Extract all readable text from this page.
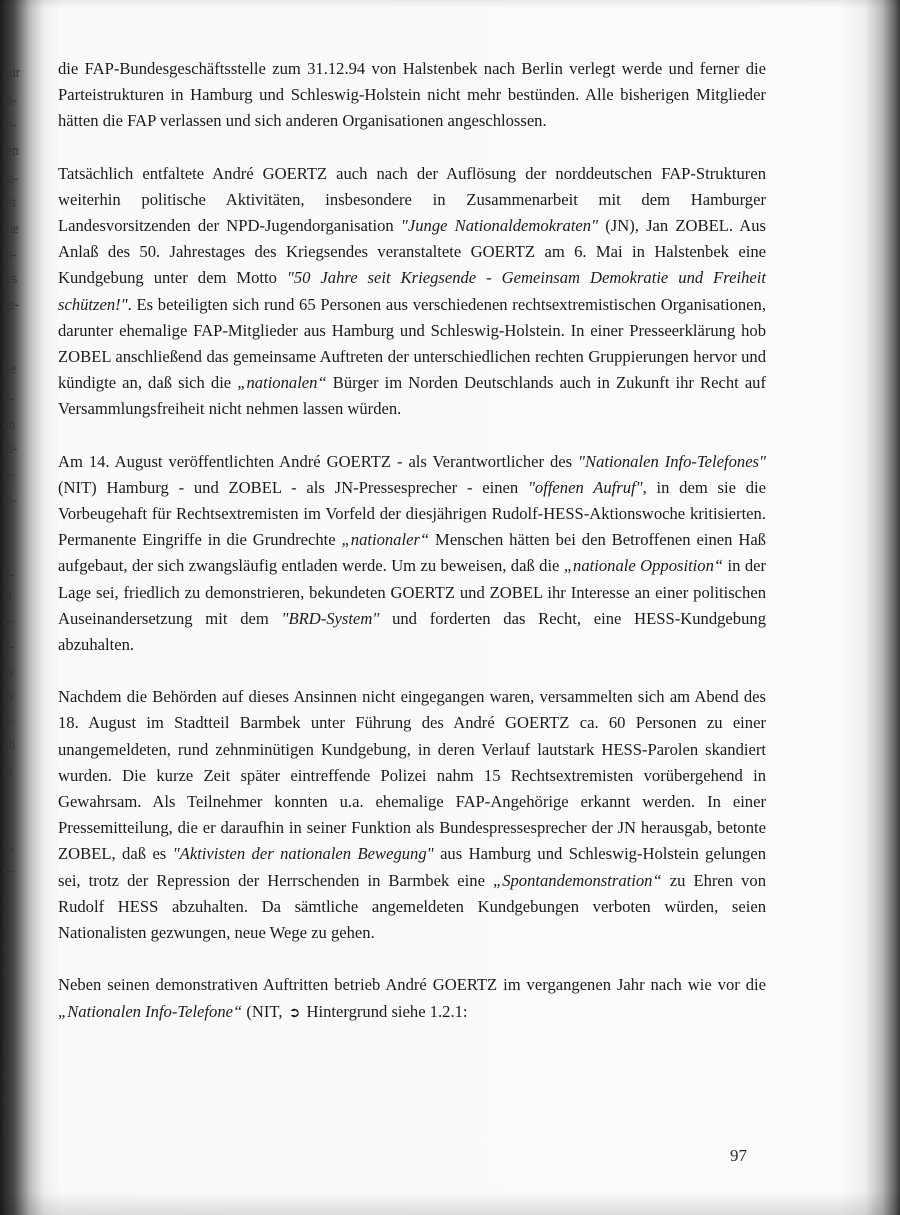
nur
rä-
ie-
len
sa-
eit
ine
la-
les
ge-
lie
u-
en
in-
b-
ni-
h-
al
er
n-
m
in
il-
ch
in
lt,
e-
n
l-
r-
t-
t-
f-
l-
ß

die FAP-Bundesgeschäftsstelle zum 31.12.94 von Halstenbek nach Berlin verlegt werde und ferner die Parteistrukturen in Hamburg und Schleswig-Holstein nicht mehr bestünden. Alle bisherigen Mitglieder hätten die FAP verlassen und sich anderen Organisationen angeschlossen.

Tatsächlich entfaltete André GOERTZ auch nach der Auflösung der norddeutschen FAP-Strukturen weiterhin politische Aktivitäten, insbesondere in Zusammenarbeit mit dem Hamburger Landesvorsitzenden der NPD-Jugendorganisation "Junge Nationaldemokraten" (JN), Jan ZOBEL. Aus Anlaß des 50. Jahrestages des Kriegsendes veranstaltete GOERTZ am 6. Mai in Halstenbek eine Kundgebung unter dem Motto "50 Jahre seit Kriegsende - Gemeinsam Demokratie und Freiheit schützen!". Es beteiligten sich rund 65 Personen aus verschiedenen rechtsextremistischen Organisationen, darunter ehemalige FAP-Mitglieder aus Hamburg und Schleswig-Holstein. In einer Presseerklärung hob ZOBEL anschließend das gemeinsame Auftreten der unterschiedlichen rechten Gruppierungen hervor und kündigte an, daß sich die „nationalen“ Bürger im Norden Deutschlands auch in Zukunft ihr Recht auf Versammlungsfreiheit nicht nehmen lassen würden.

Am 14. August veröffentlichten André GOERTZ - als Verantwortlicher des "Nationalen Info-Telefones" (NIT) Hamburg - und ZOBEL - als JN-Pressesprecher - einen "offenen Aufruf", in dem sie die Vorbeugehaft für Rechtsextremisten im Vorfeld der diesjährigen Rudolf-HESS-Aktionswoche kritisierten. Permanente Eingriffe in die Grundrechte „nationaler“ Menschen hätten bei den Betroffenen einen Haß aufgebaut, der sich zwangsläufig entladen werde. Um zu beweisen, daß die „nationale Opposition“ in der Lage sei, friedlich zu demonstrieren, bekundeten GOERTZ und ZOBEL ihr Interesse an einer politischen Auseinandersetzung mit dem "BRD-System" und forderten das Recht, eine HESS-Kundgebung abzuhalten.

Nachdem die Behörden auf dieses Ansinnen nicht eingegangen waren, versammelten sich am Abend des 18. August im Stadtteil Barmbek unter Führung des André GOERTZ ca. 60 Personen zu einer unangemeldeten, rund zehnminütigen Kundgebung, in deren Verlauf lautstark HESS-Parolen skandiert wurden. Die kurze Zeit später eintreffende Polizei nahm 15 Rechtsextremisten vorübergehend in Gewahrsam. Als Teilnehmer konnten u.a. ehemalige FAP-Angehörige erkannt werden. In einer Pressemitteilung, die er daraufhin in seiner Funktion als Bundespressesprecher der JN herausgab, betonte ZOBEL, daß es "Aktivisten der nationalen Bewegung" aus Hamburg und Schleswig-Holstein gelungen sei, trotz der Repression der Herrschenden in Barmbek eine „Spontandemonstration“ zu Ehren von Rudolf HESS abzuhalten. Da sämtliche angemeldeten Kundgebungen verboten würden, seien Nationalisten gezwungen, neue Wege zu gehen.

Neben seinen demonstrativen Auftritten betrieb André GOERTZ im vergangenen Jahr nach wie vor die „Nationalen Info-Telefone“ (NIT, ➲ Hintergrund siehe 1.2.1:

97
